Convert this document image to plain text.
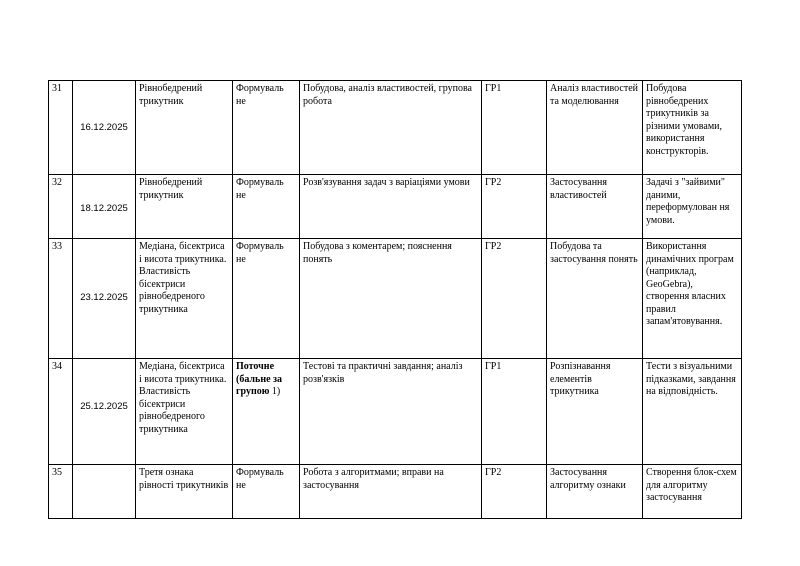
31	16.12.2025	Рівнобедрений трикутник	Формуваль не	Побудова, аналіз властивостей, групова робота	ГР1	Аналіз властивостей та моделювання	Побудова рівнобедрених трикутників за різними умовами, використання конструкторів.
32	18.12.2025	Рівнобедрений трикутник	Формуваль не	Розв'язування задач з варіаціями умови	ГР2	Застосування властивостей	Задачі з "зайвими" даними, переформулован ня умови.
33	23.12.2025	Медіана, бісектриса і висота трикутника. Властивість бісектриси рівнобедреного трикутника	Формуваль не	Побудова з коментарем; пояснення понять	ГР2	Побудова та застосування понять	Використання динамічних програм (наприклад, GeoGebra), створення власних правил запам'ятовування.
34	25.12.2025	Медіана, бісектриса і висота трикутника. Властивість бісектриси рівнобедреного трикутника	Поточне (бальне за групою 1)	Тестові та практичні завдання; аналіз розв'язків	ГР1	Розпізнавання елементів трикутника	Тести з візуальними підказками, завдання на відповідність.
35		Третя ознака рівності трикутників	Формуваль не	Робота з алгоритмами; вправи на застосування	ГР2	Застосування алгоритму ознаки	Створення блок-схем для алгоритму застосування
